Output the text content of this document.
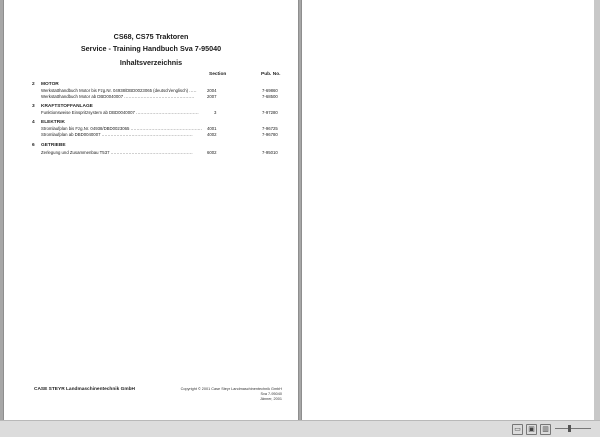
CS68, CS75 Traktoren
Service - Training Handbuch Sva 7-95040
Inhaltsverzeichnis
Section	Pub. No.
2 MOTOR
Werkstatthandbuch Motor bis Fzg.Nr. 04938/DBD0023065 (deutsch/englisch) ..... 2004	7-69860
Werkstatthandbuch Motor ab DBD0040007 ...............................................	2007	7-68500
3 KRAFTSTOFFANLAGE
Funktionsweise Einspritzsystem ab DBD0040007 ..........................................	3	7-97280
4 ELEKTRIK
Stromlaufplan bis Fzg.Nr. 04938/DBD0023065 ................................................ 4001	7-96725
Stromlaufplan ab DBD0040007 .............................................................	4002	7-96780
6 GETRIEBE
Zerlegung und Zusammenbau T537 .......................................................	6002	7-95010
CASE STEYR Landmaschinentechnik GmbH	Copyright © 2001 Case Steyr Landmaschinentechnik GmbH
Sva 7-95040
Jänner, 2001
▭	▣	▥
